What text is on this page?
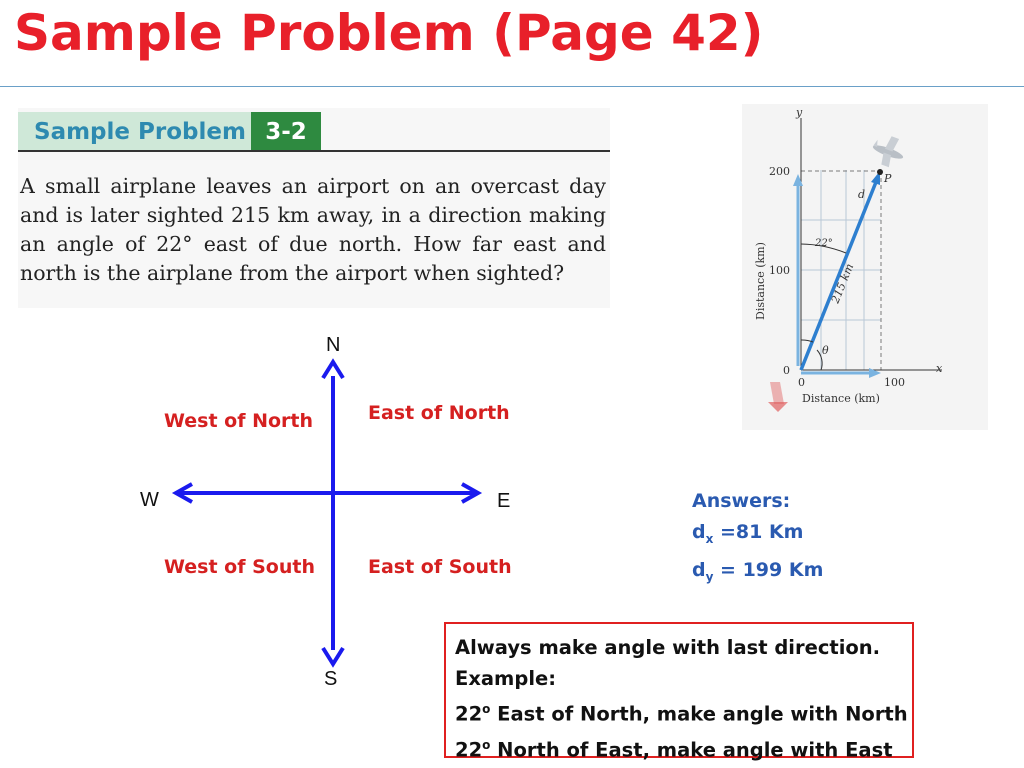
Sample Problem (Page 42)
Sample Problem 3-2
A small airplane leaves an airport on an overcast day and is later sighted 215 km away, in a direction making an angle of 22° east of due north. How far east and north is the airplane from the airport when sighted?
y
x
200
100
0
0	100
Distance (km)
Distance (km)	22°
d
215 km
P
θ
N
S
E
W
West of North	East of North
West of South	East of South
Answers:
$d_x =81$ Km
$d_y = 199$ Km
Always make angle with last direction.
Example:
22$^o$ East of North, make angle with North
22$^o$ North of East, make angle with East
